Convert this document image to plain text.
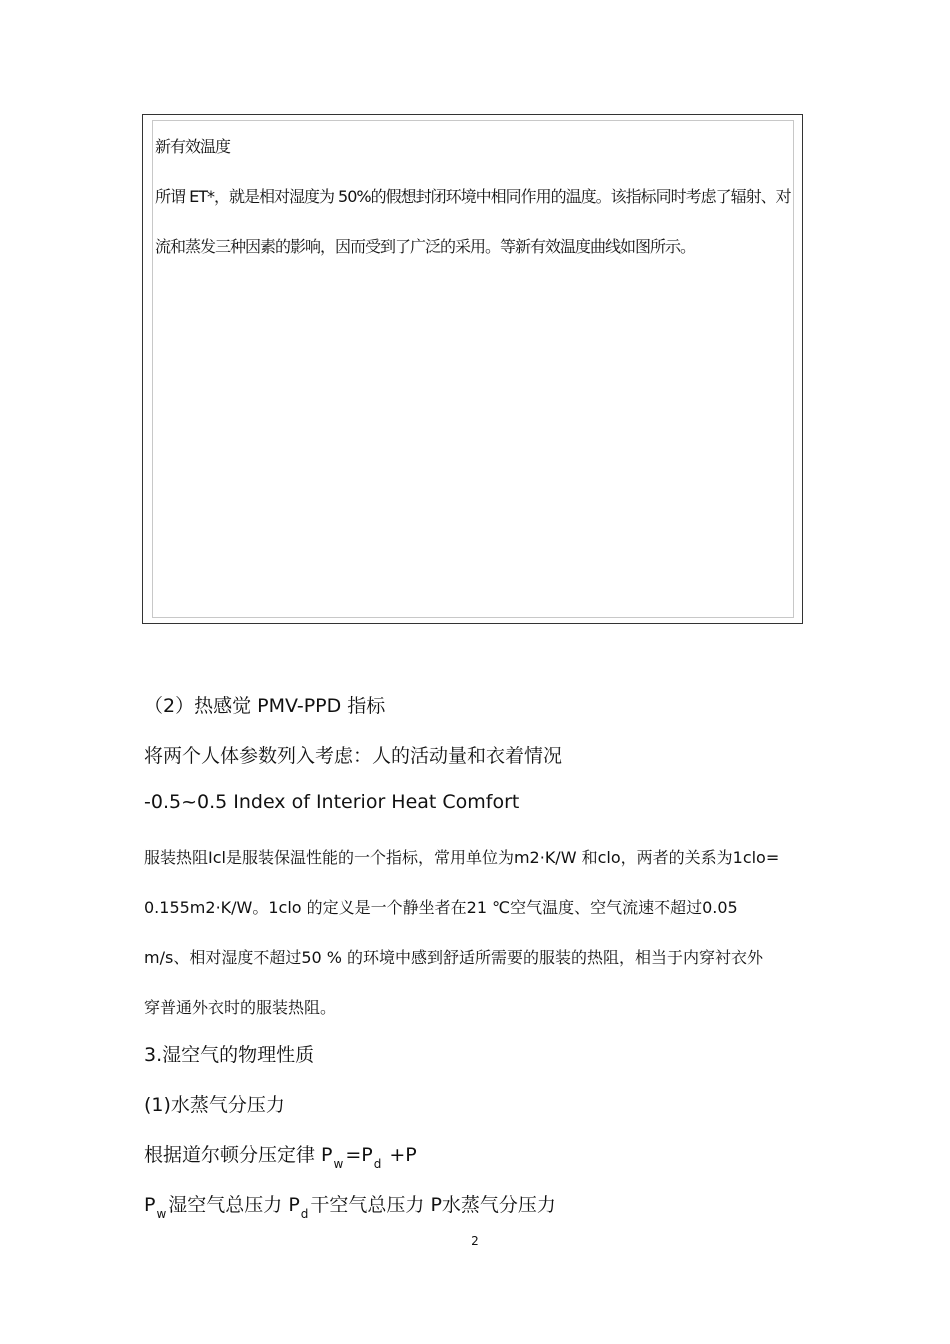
新有效温度
所谓 ET*，就是相对湿度为 50%的假想封闭环境中相同作用的温度。该指标同时考虑了辐射、对
流和蒸发三种因素的影响，因而受到了广泛的采用。等新有效温度曲线如图所示。
（2）热感觉 PMV-PPD 指标
将两个人体参数列入考虑：人的活动量和衣着情况
-0.5~0.5 Index of Interior Heat Comfort
服装热阻Icl是服装保温性能的一个指标，常用单位为m2·K/W 和clo，两者的关系为1clo=
0.155m2·K/W。1clo 的定义是一个静坐者在21 ℃空气温度、空气流速不超过0.05
m/s、相对湿度不超过50 % 的环境中感到舒适所需要的服装的热阻，相当于内穿衬衣外
穿普通外衣时的服装热阻。
3.湿空气的物理性质
(1)水蒸气分压力
根据道尔顿分压定律 $P_w =P_d +P$
$P_w$ 湿空气总压力 $P_d$ 干空气总压力 P水蒸气分压力
2
